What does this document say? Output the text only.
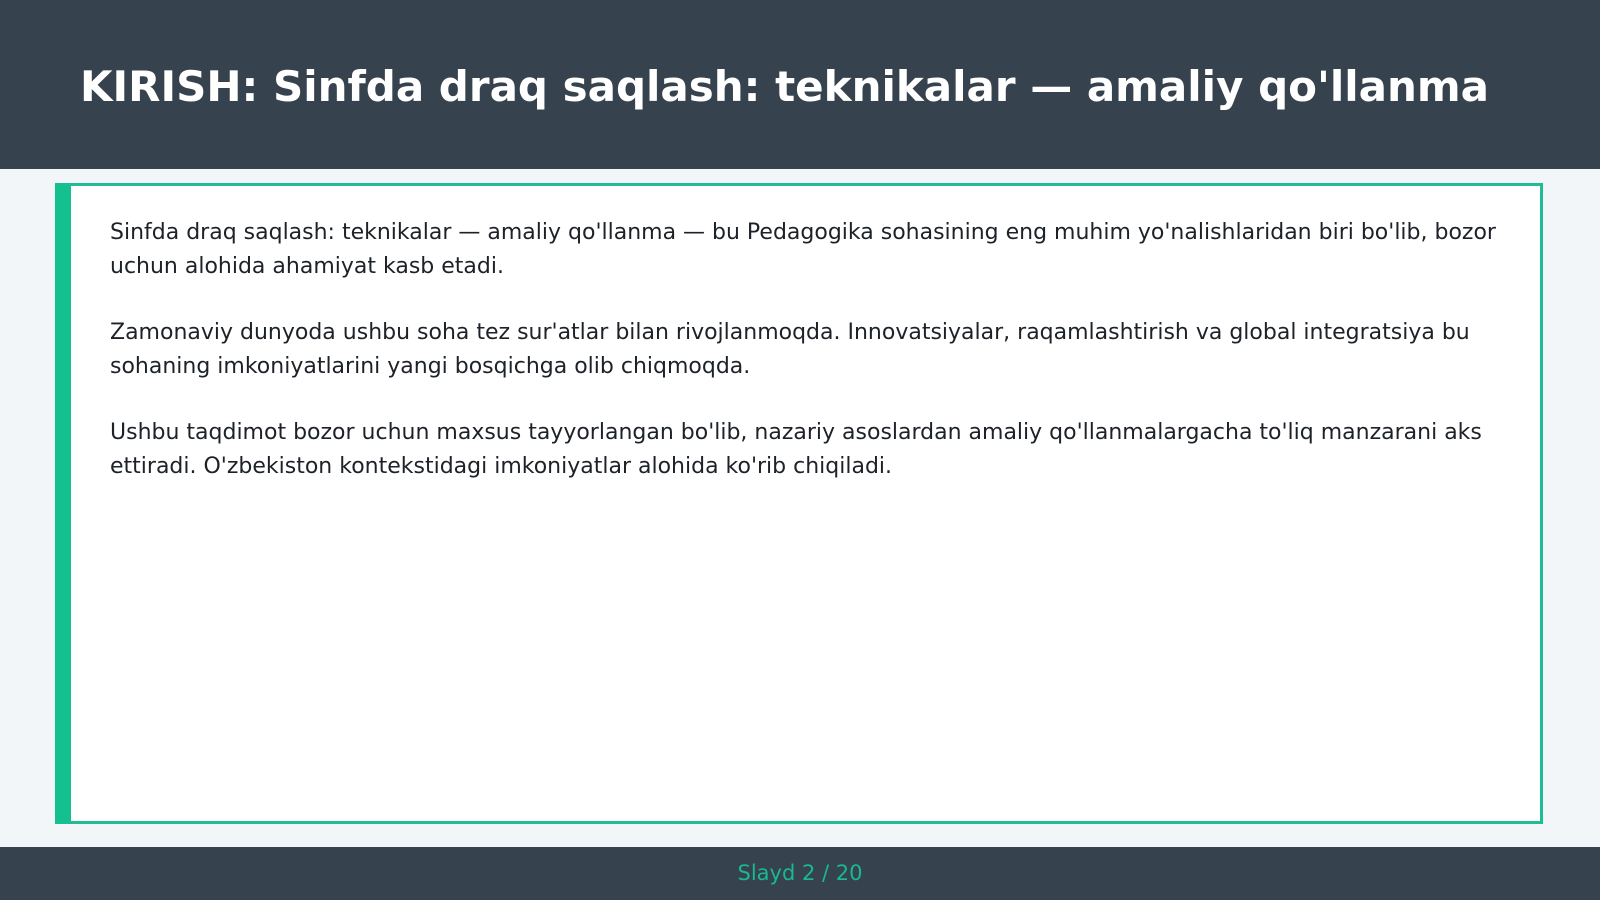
KIRISH: Sinfda draq saqlash: teknikalar — amaliy qo'llanma

Sinfda draq saqlash: teknikalar — amaliy qo'llanma — bu Pedagogika sohasining eng muhim yo'nalishlaridan biri bo'lib, bozor uchun alohida ahamiyat kasb etadi.

Zamonaviy dunyoda ushbu soha tez sur'atlar bilan rivojlanmoqda. Innovatsiyalar, raqamlashtirish va global integratsiya bu sohaning imkoniyatlarini yangi bosqichga olib chiqmoqda.

Ushbu taqdimot bozor uchun maxsus tayyorlangan bo'lib, nazariy asoslardan amaliy qo'llanmalargacha to'liq manzarani aks ettiradi. O'zbekiston kontekstidagi imkoniyatlar alohida ko'rib chiqiladi.

Slayd 2 / 20
